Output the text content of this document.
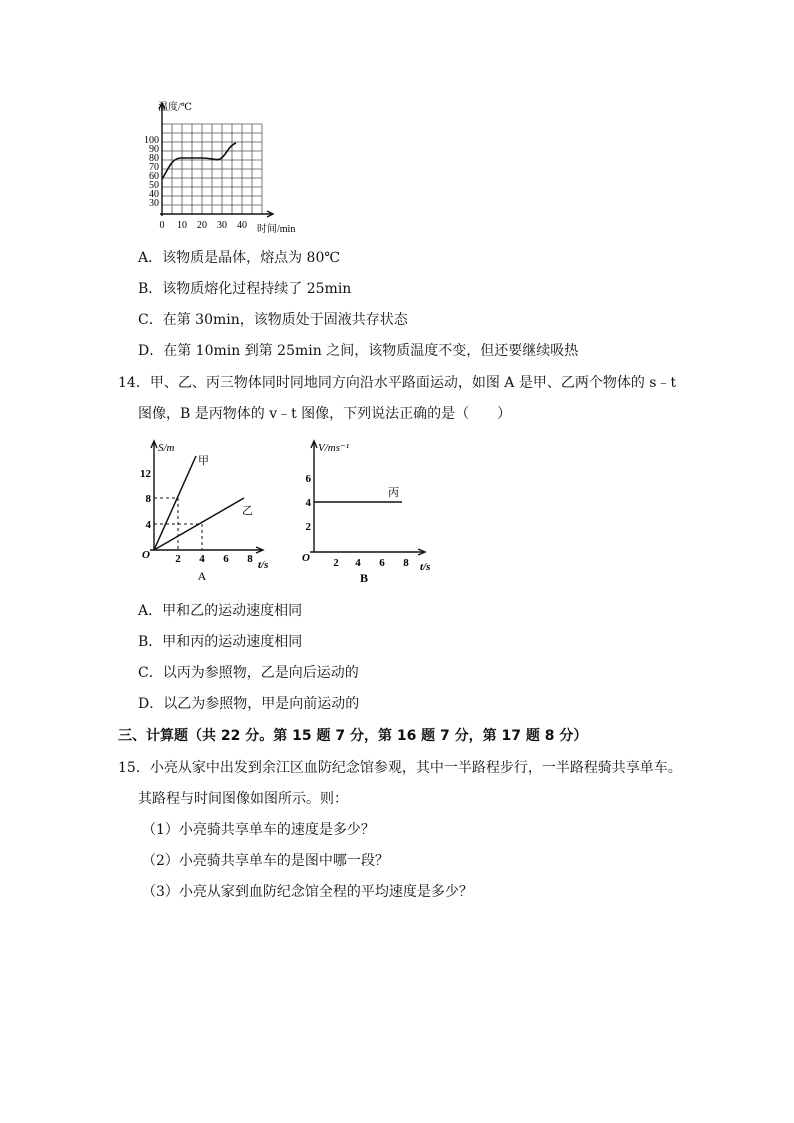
温度/℃
时间/min
100
90
80
70
60
50
40
30
0 10 20 30 40
A．该物质是晶体，熔点为 80℃
B．该物质熔化过程持续了 25min
C．在第 30min，该物质处于固液共存状态
D．在第 10min 到第 25min 之间，该物质温度不变，但还要继续吸热
14．甲、乙、丙三物体同时同地同方向沿水平路面运动，如图 A 是甲、乙两个物体的 s﹣t
图像，B 是丙物体的 v﹣t 图像，下列说法正确的是（　　）
S/m
甲
乙
O
12
8
4
2 4 6 8 t/s
A
V/ms⁻¹
丙
O
6
4
2
2 4 6 8 t/s
B
A．甲和乙的运动速度相同
B．甲和丙的运动速度相同
C．以丙为参照物，乙是向后运动的
D．以乙为参照物，甲是向前运动的
三、计算题（共 22 分。第 15 题 7 分，第 16 题 7 分，第 17 题 8 分）
15．小亮从家中出发到余江区血防纪念馆参观，其中一半路程步行，一半路程骑共享单车。
其路程与时间图像如图所示。则：
（1）小亮骑共享单车的速度是多少？
（2）小亮骑共享单车的是图中哪一段？
（3）小亮从家到血防纪念馆全程的平均速度是多少？
